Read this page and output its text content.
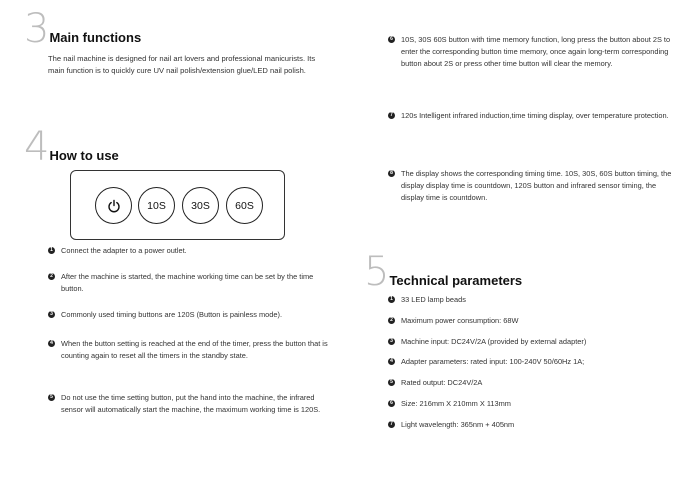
3 Main functions
The nail machine is designed for nail art lovers and professional manicurists. Its main function is to quickly cure UV nail polish/extension glue/LED nail polish.
4 How to use
10S	30S	60S
1 Connect the adapter to a power outlet.
2 After the machine is started, the machine working time can be set by the time button.
3 Commonly used timing buttons are 120S (Button is painless mode).
4 When the button setting is reached at the end of the timer, press the button that is counting again to reset all the timers in the standby state.
5 Do not use the time setting button, put the hand into the machine, the infrared sensor will automatically start the machine, the maximum working time is 120S.
6 10S, 30S 60S button with time memory function, long press the button about 2S to enter the corresponding button time memory, once again long-term corresponding button about 2S or press other time button will clear the memory.
7 120s Intelligent infrared induction,time timing display, over temperature protection.
8 The display shows the corresponding timing time. 10S, 30S, 60S button timing, the display display time is countdown, 120S button and infrared sensor timing, the display time is countdown.
5 Technical parameters
1 33 LED lamp beads
2 Maximum power consumption: 68W
3 Machine input: DC24V/2A (provided by external adapter)
4 Adapter parameters: rated input: 100-240V 50/60Hz 1A;
5 Rated output: DC24V/2A
6 Size: 216mm X 210mm X 113mm
7 Light wavelength: 365nm + 405nm
